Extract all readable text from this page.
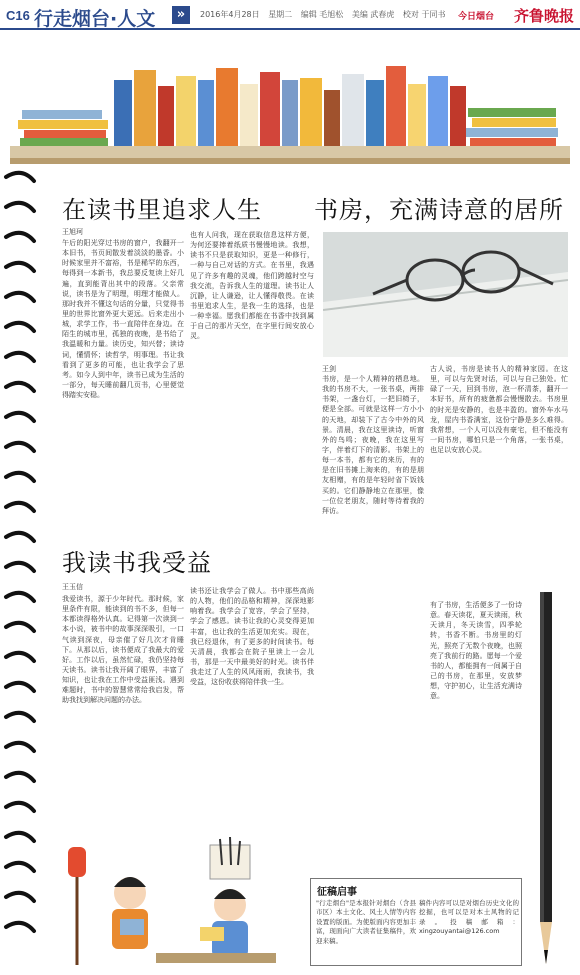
C16 行走烟台·人文	»	2016年4月28日 星期二 编辑 毛旭松 美编 武春虎 校对 于同书	今日烟台 齐鲁晚报
在读书里追求人生 书房，充满诗意的居所
我读书我受益
王旭珂
午后的阳光穿过书房的窗户，我翻开一本旧书，书页间散发着淡淡的墨香。小时候家里并不富裕，书是稀罕的东西，每得到一本新书，我总要反复读上好几遍，直到能背出其中的段落。父亲常说，读书是为了明理，明理才能做人。那时我并不懂这句话的分量，只觉得书里的世界比窗外更大更远。后来走出小城，求学工作，书一直陪伴在身边。在陌生的城市里，孤独的夜晚，是书给了我温暖和力量。读历史，知兴替；读诗词，懂情怀；读哲学，明事理。书让我看到了更多的可能，也让我学会了思考。如今人到中年，读书已成为生活的一部分，每天睡前翻几页书，心里便觉得踏实安稳。
也有人问我，现在获取信息这样方便，为何还要捧着纸质书慢慢地读。我想，读书不只是获取知识，更是一种修行，一种与自己对话的方式。在书里，我遇见了许多有趣的灵魂，他们跨越时空与我交流，告诉我人生的道理。读书让人沉静，让人谦逊，让人懂得敬畏。在读书里追求人生，是我一生的选择，也是一种幸福。愿我们都能在书香中找到属于自己的那片天空，在字里行间安放心灵。
王剑
书房，是一个人精神的栖息地。我的书房不大，一张书桌，两排书架，一盏台灯，一把旧椅子，便是全部。可就是这样一方小小的天地，却装下了古今中外的风景。清晨，我在这里读诗，听窗外的鸟鸣；夜晚，我在这里写字，伴着灯下的清影。书架上的每一本书，都有它的来历，有的是在旧书摊上淘来的，有的是朋友相赠，有的是年轻时省下饭钱买的。它们静静地立在那里，像一位位老朋友，随时等待着我的拜访。
古人说，书房是读书人的精神家园。在这里，可以与先贤对话，可以与自己独处。忙碌了一天，回到书房，泡一杯清茶，翻开一本好书，所有的疲惫都会慢慢散去。书房里的时光是安静的，也是丰盈的。窗外车水马龙，屋内书香满室，这份宁静是多么难得。我常想，一个人可以没有豪宅，但不能没有一间书房，哪怕只是一个角落，一张书桌，也足以安放心灵。
有了书房，生活便多了一份诗意。春天读花，夏天读雨，秋天读月，冬天读雪，四季轮转，书香不断。书房里的灯光，照亮了无数个夜晚，也照亮了我前行的路。愿每一个爱书的人，都能拥有一间属于自己的书房，在那里，安放梦想，守护初心，让生活充满诗意。
王玉信
我爱读书，源于少年时代。那时候，家里条件有限，能读到的书不多，但每一本都读得格外认真。记得第一次读到一本小说，被书中的故事深深吸引，一口气读到深夜，母亲催了好几次才肯睡下。从那以后，读书便成了我最大的爱好。工作以后，虽然忙碌，我仍坚持每天读书。读书让我开阔了眼界，丰富了知识，也让我在工作中受益匪浅。遇到难题时，书中的智慧常常给我启发，帮助我找到解决问题的办法。
读书还让我学会了做人。书中那些高尚的人物，他们的品格和精神，深深地影响着我。我学会了宽容，学会了坚持，学会了感恩。读书让我的心灵变得更加丰富，也让我的生活更加充实。现在，我已经退休，有了更多的时间读书。每天清晨，我都会在院子里读上一会儿书，那是一天中最美好的时光。读书伴我走过了人生的风风雨雨，我读书，我受益，这份收获将陪伴我一生。
征稿启事
"行走烟台"是本报针对烟台（含县市区）本土文化、风土人情等内容设置的版面。为使版面内容更加丰富，现面向广大读者征集稿件，欢迎来稿。
稿件内容可以是对烟台历史文化的挖掘，也可以是对本土风物的记录。投稿邮箱：xingzouyantai@126.com
